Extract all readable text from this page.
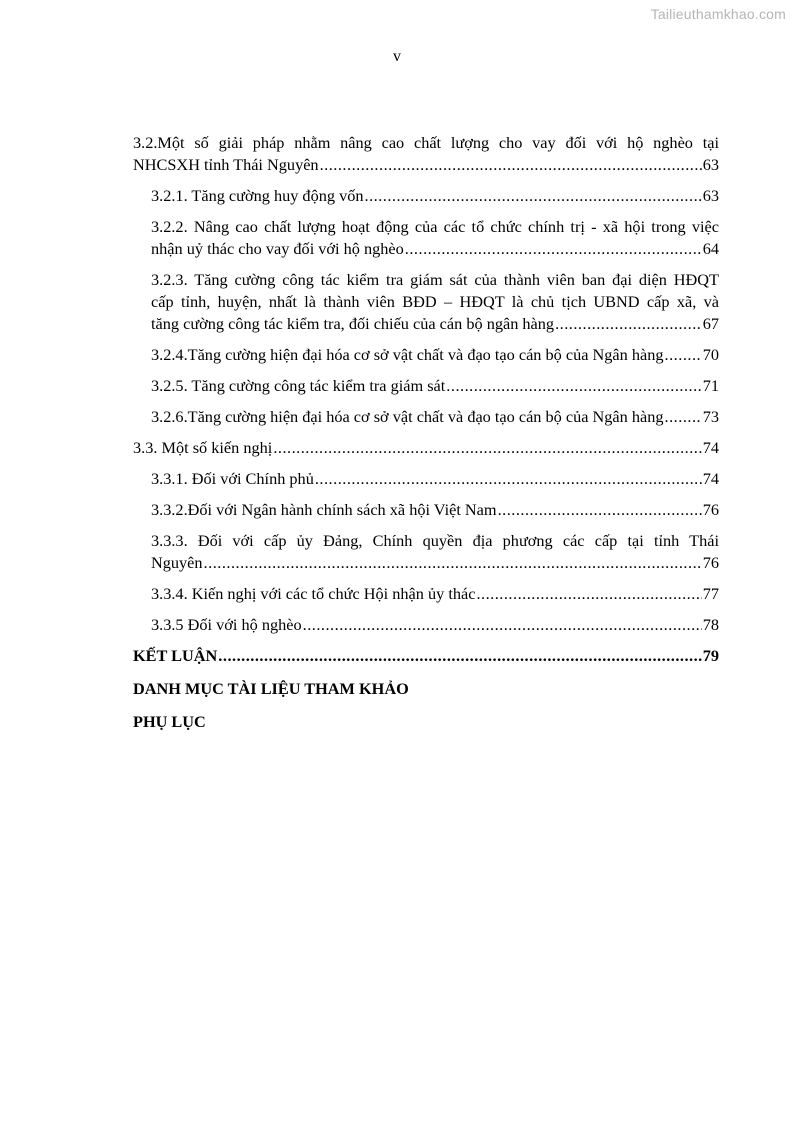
Tailieuthamkhao.com
v
3.2.Một số giải pháp nhằm nâng cao chất lượng cho vay đối với hộ nghèo tại
NHCSXH tỉnh Thái Nguyên .....	63
3.2.1. Tăng cường huy động vốn .....	63
3.2.2. Nâng cao chất lượng hoạt động của các tổ chức chính trị - xã hội trong việc
nhận uỷ thác cho vay đối với hộ nghèo .....	64
3.2.3. Tăng cường công tác kiểm tra giám sát của thành viên ban đại diện HĐQT
cấp tỉnh, huyện, nhất là thành viên BĐD – HĐQT là chủ tịch UBND cấp xã, và
tăng cường công tác kiểm tra, đối chiếu của cán bộ ngân hàng .....	67
3.2.4.Tăng cường hiện đại hóa cơ sở vật chất và đạo tạo cán bộ của Ngân hàng ..... 70
3.2.5. Tăng cường công tác kiểm tra giám sát .....	71
3.2.6.Tăng cường hiện đại hóa cơ sở vật chất và đạo tạo cán bộ của Ngân hàng ..... 73
3.3. Một số kiến nghị .....	74
3.3.1. Đối với Chính phủ .....	74
3.3.2.Đối với Ngân hành chính sách xã hội Việt Nam .....	76
3.3.3. Đối với cấp ủy Đảng, Chính quyền địa phương các cấp tại tỉnh Thái
Nguyên .....	76
3.3.4. Kiến nghị với các tổ chức Hội nhận ủy thác .....	77
3.3.5 Đối với hộ nghèo .....	78
KẾT LUẬN .....	79
DANH MỤC TÀI LIỆU THAM KHẢO
PHỤ LỤC
